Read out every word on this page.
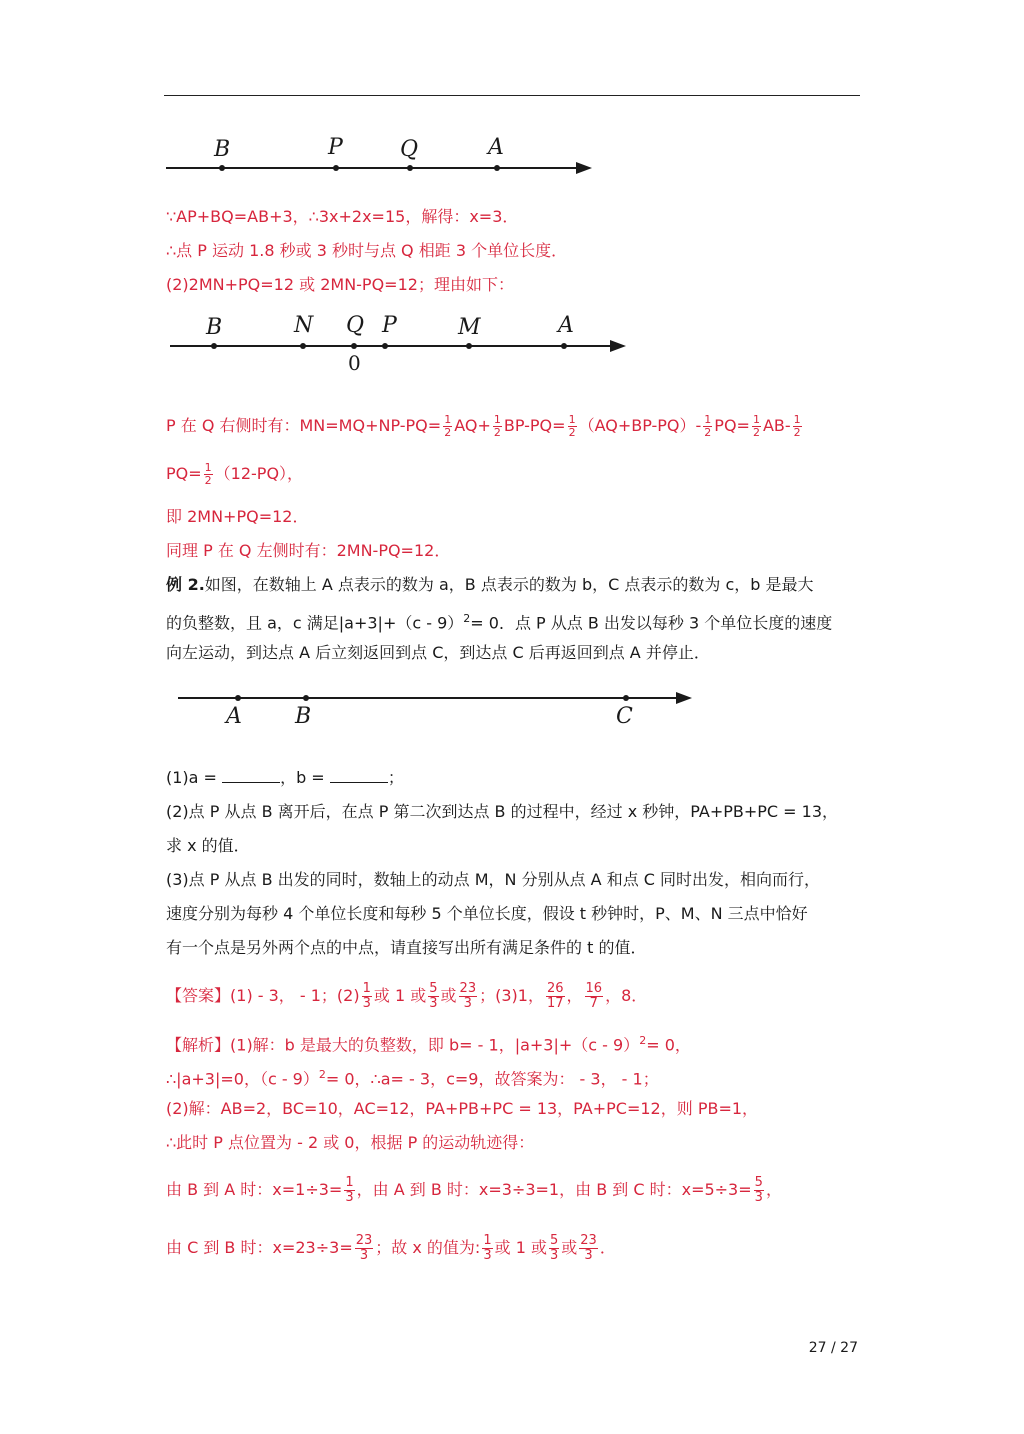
B	P	Q	A
∵AP+BQ=AB+3，∴3x+2x=15，解得：x=3．
∴点 P 运动 1.8 秒或 3 秒时与点 Q 相距 3 个单位长度．
(2)2MN+PQ=12 或 2MN-PQ=12；理由如下：
B	N Q P	M	A
0
P 在 Q 右侧时有：$MN=MQ+NP-PQ= \frac{1}{2} AQ+ \frac{1}{2} BP-PQ= \frac{1}{2} (AQ+BP-PQ)- \frac{1}{2} PQ= \frac{1}{2} AB- \frac{1}{2}$
$PQ= \frac{1}{2} (12-PQ)$，
即 2MN+PQ=12．
同理 P 在 Q 左侧时有：2MN-PQ=12．
例 2.如图，在数轴上 A 点表示的数为 a，B 点表示的数为 b，C 点表示的数为 c，b 是最大
的负整数，且 a，c 满足|a+3|+（c - 9）$^2$= 0．点 P 从点 B 出发以每秒 3 个单位长度的速度
向左运动，到达点 A 后立刻返回到点 C，到达点 C 后再返回到点 A 并停止．
A B	C
(1)a =	，b =	；
(2)点 P 从点 B 离开后，在点 P 第二次到达点 B 的过程中，经过 x 秒钟，PA+PB+PC = 13，
求 x 的值．
(3)点 P 从点 B 出发的同时，数轴上的动点 M，N 分别从点 A 和点 C 同时出发，相向而行，
速度分别为每秒 4 个单位长度和每秒 5 个单位长度，假设 t 秒钟时，P、M、N 三点中恰好
有一个点是另外两个点的中点，请直接写出所有满足条件的 t 的值．
【答案】(1) - 3， - 1；$(2) \frac{1}{3}$ 或 1 或 $\frac{5}{3}$ 或 $\frac{23}{3}$ ；(3)1， $\frac{26}{17}$ ， $\frac{16}{7}$ ，8．
【解析】(1)解：b 是最大的负整数，即 b= - 1，|a+3|+（c - 9）$^2$= 0，
∴|a+3|=0，（c - 9）$^2$= 0，∴a= - 3，c=9，故答案为： - 3， - 1；
(2)解：AB=2，BC=10，AC=12，PA+PB+PC = 13，PA+PC=12，则 PB=1，
∴此时 P 点位置为 - 2 或 0，根据 P 的运动轨迹得：
由 B 到 A 时：$x=1\div 3= \frac{1}{3}$ ，由 A 到 B 时：x=3÷3=1，由 B 到 C 时：$x=5\div 3= \frac{5}{3}$ ，
由 C 到 B 时：$x=23\div 3= \frac{23}{3}$ ；故 x 的值为: $\frac{1}{3}$ 或 1 或 $\frac{5}{3}$ 或 $\frac{23}{3}$ ．
27 / 27
